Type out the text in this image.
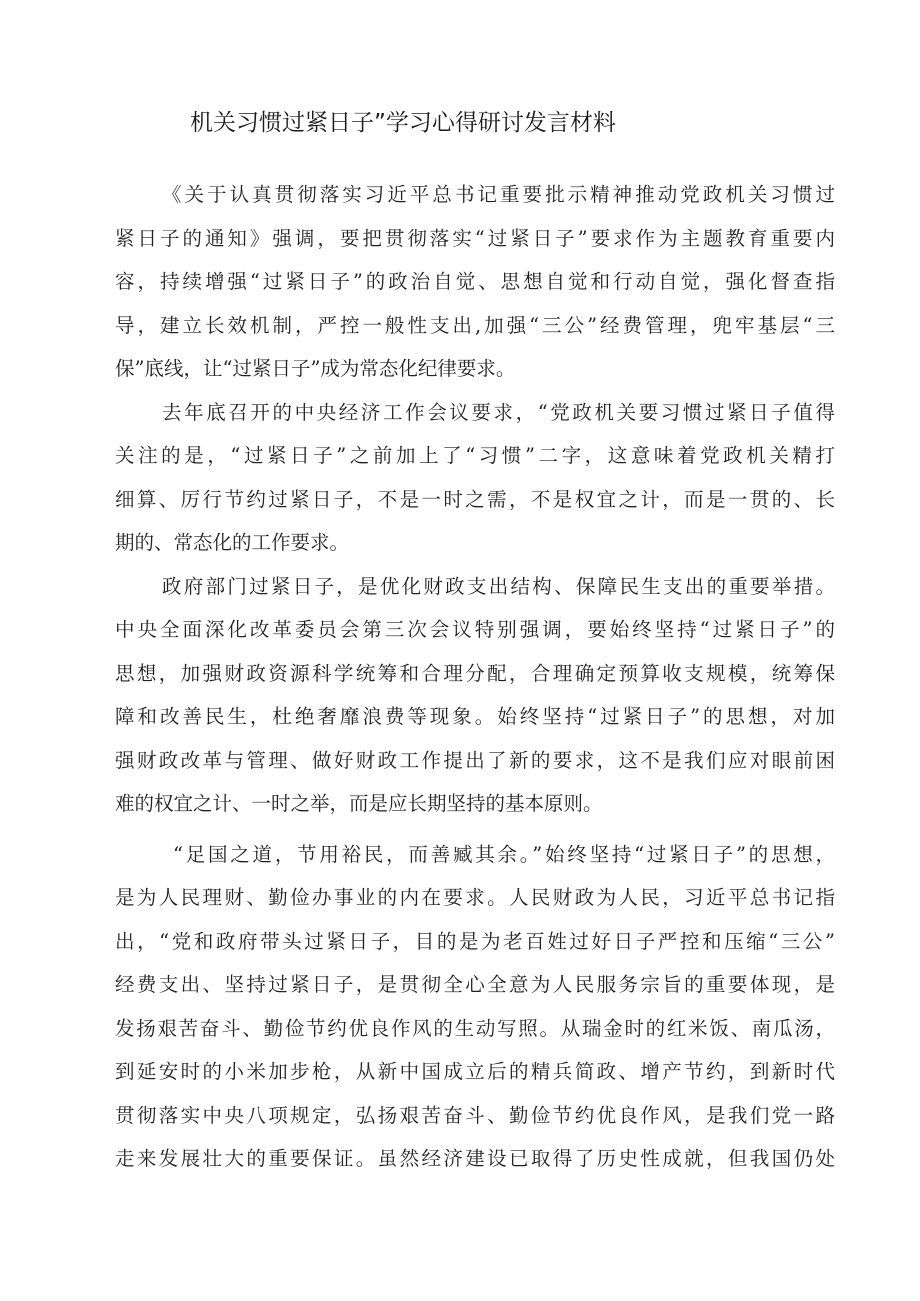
机关习惯过紧日子”学习心得研讨发言材料
《关于认真贯彻落实习近平总书记重要批示精神推动党政机关习惯过
紧日子的通知》强调，要把贯彻落实“过紧日子”要求作为主题教育重要内
容，持续增强“过紧日子”的政治自觉、思想自觉和行动自觉，强化督查指
导，建立长效机制，严控一般性支出,加强“三公”经费管理，兜牢基层“三
保”底线，让“过紧日子”成为常态化纪律要求。
去年底召开的中央经济工作会议要求，“党政机关要习惯过紧日子值得
关注的是，“过紧日子”之前加上了“习惯”二字，这意味着党政机关精打
细算、厉行节约过紧日子，不是一时之需，不是权宜之计，而是一贯的、长
期的、常态化的工作要求。
政府部门过紧日子，是优化财政支出结构、保障民生支出的重要举措。
中央全面深化改革委员会第三次会议特别强调，要始终坚持“过紧日子”的
思想，加强财政资源科学统筹和合理分配，合理确定预算收支规模，统筹保
障和改善民生，杜绝奢靡浪费等现象。始终坚持“过紧日子”的思想，对加
强财政改革与管理、做好财政工作提出了新的要求，这不是我们应对眼前困
难的权宜之计、一时之举，而是应长期坚持的基本原则。
“足国之道，节用裕民，而善臧其余。”始终坚持“过紧日子”的思想，
是为人民理财、勤俭办事业的内在要求。人民财政为人民，习近平总书记指
出，“党和政府带头过紧日子，目的是为老百姓过好日子严控和压缩“三公”
经费支出、坚持过紧日子，是贯彻全心全意为人民服务宗旨的重要体现，是
发扬艰苦奋斗、勤俭节约优良作风的生动写照。从瑞金时的红米饭、南瓜汤，
到延安时的小米加步枪，从新中国成立后的精兵简政、增产节约，到新时代
贯彻落实中央八项规定，弘扬艰苦奋斗、勤俭节约优良作风，是我们党一路
走来发展壮大的重要保证。虽然经济建设已取得了历史性成就，但我国仍处
